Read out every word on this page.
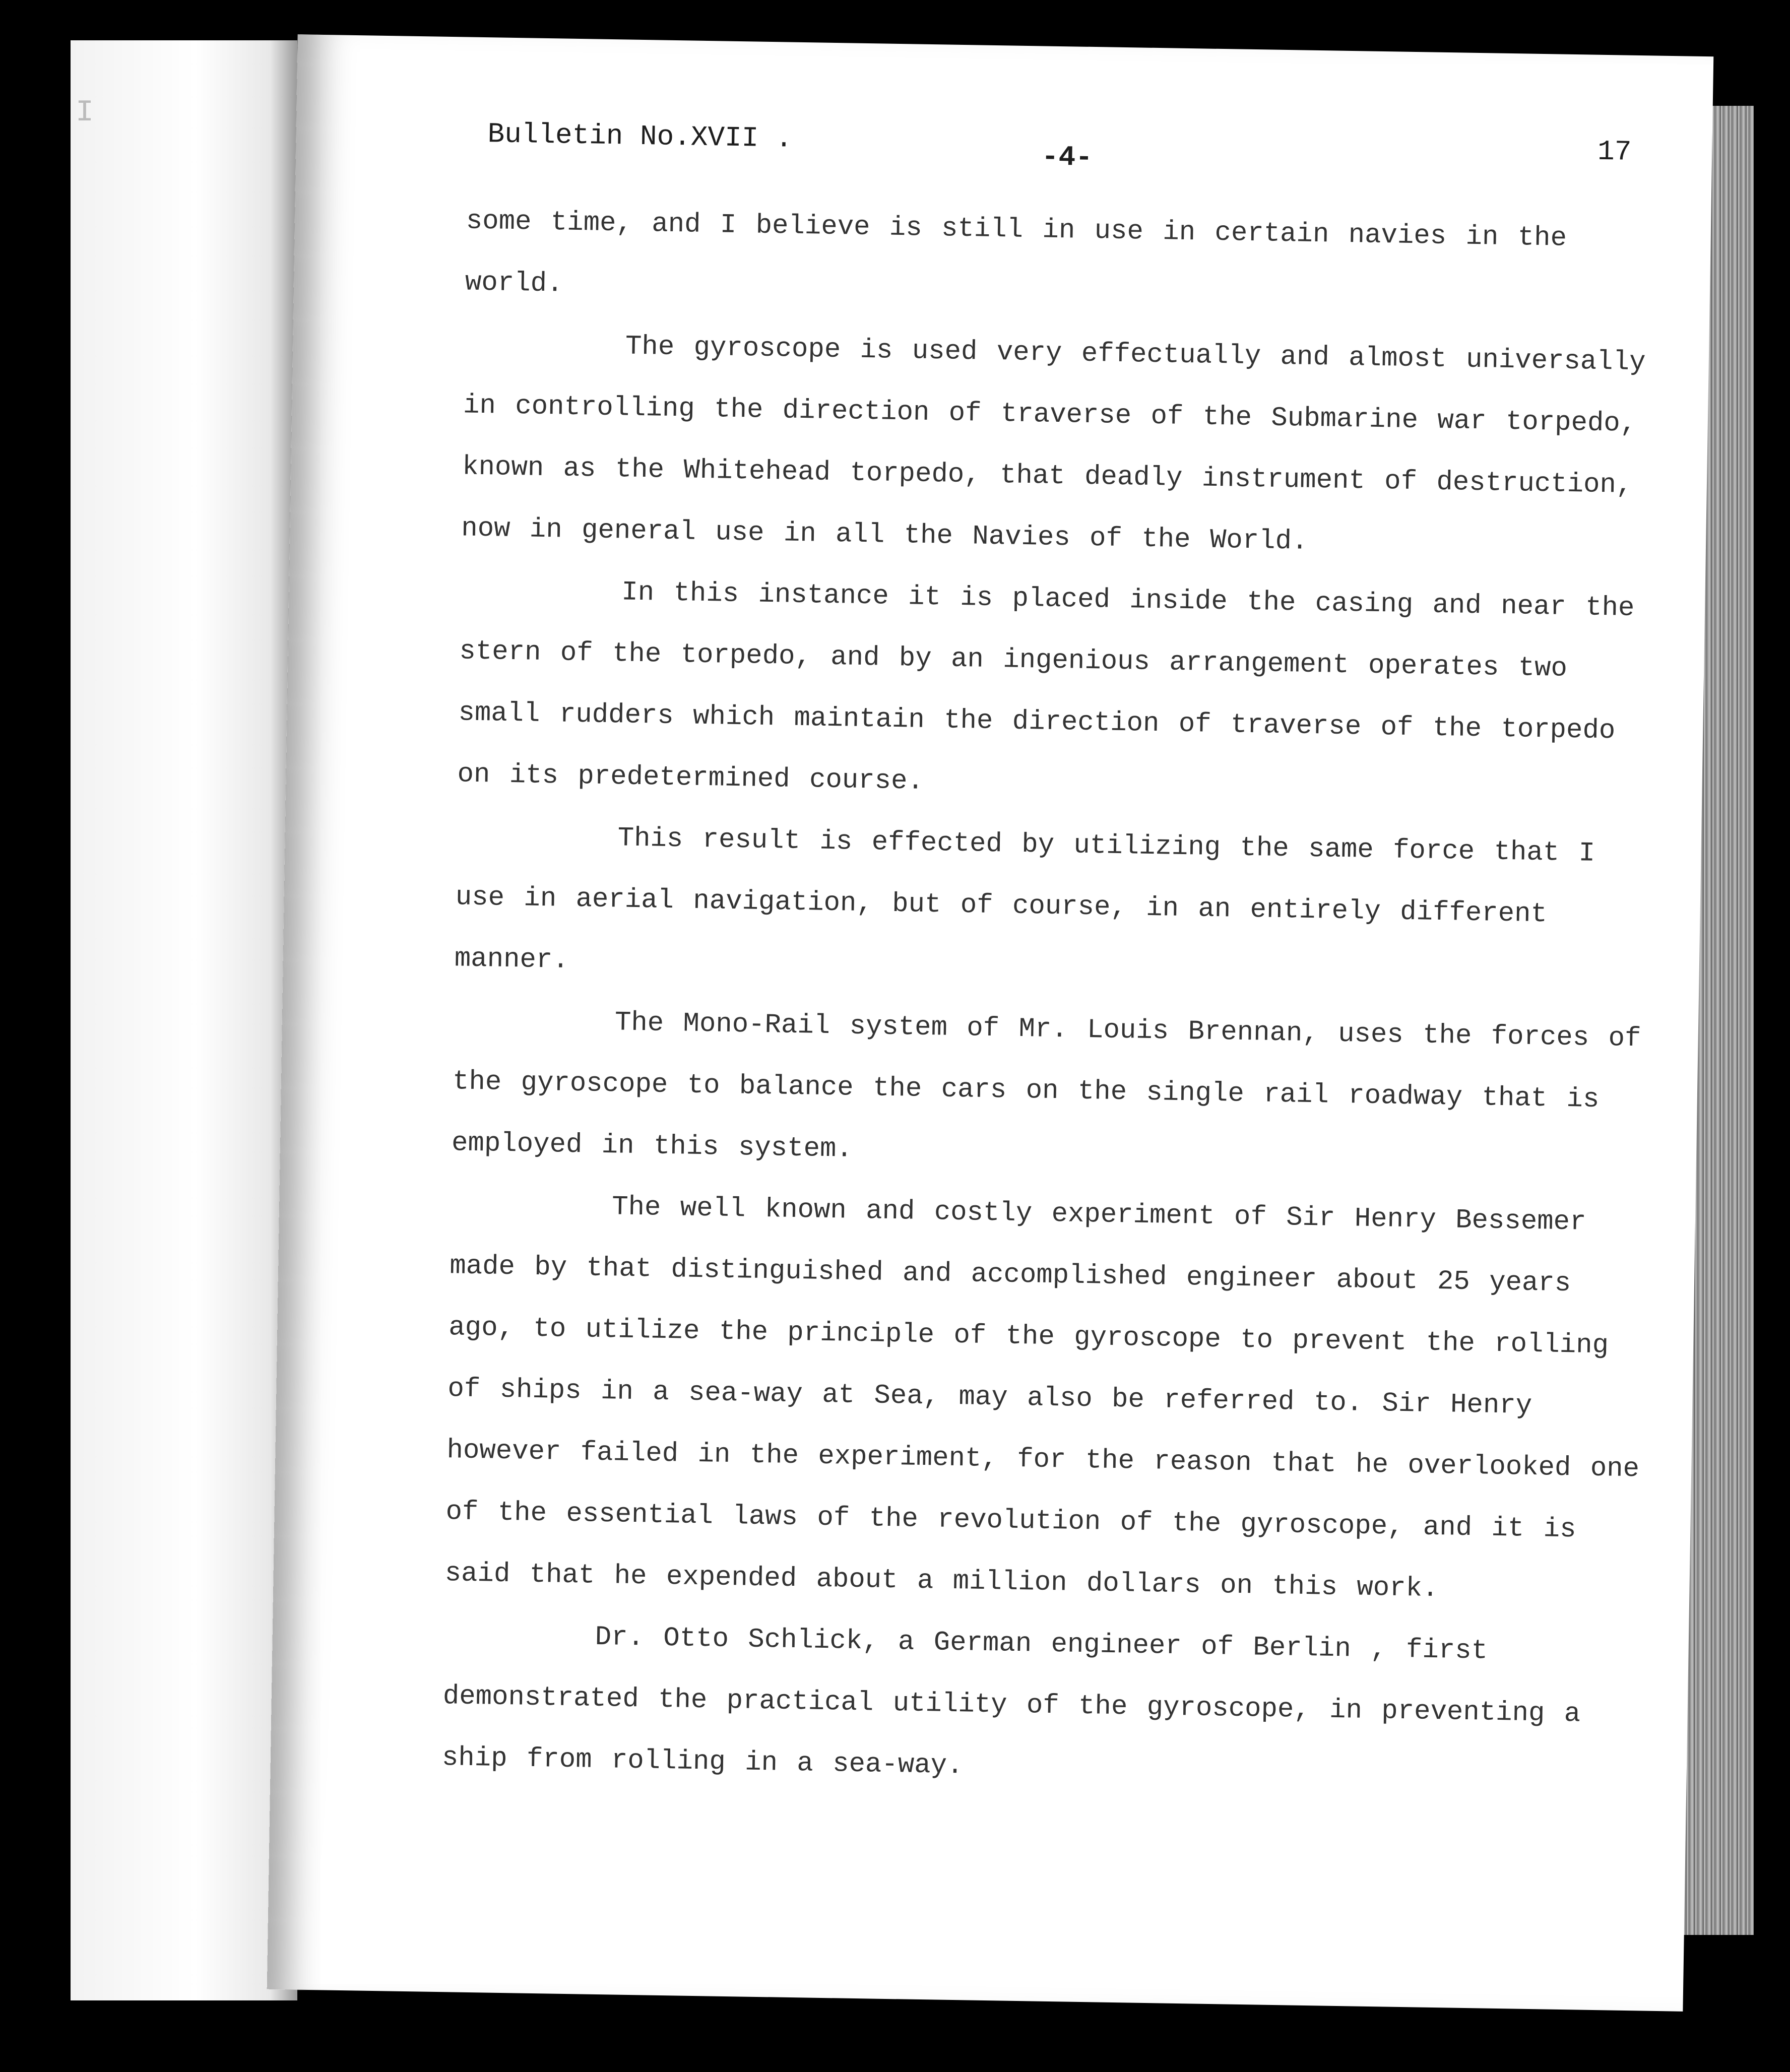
I
Bulletin No.XVII .
-4-	17

some time, and I believe is still in use in certain navies in the world.

The gyroscope is used very effectually and almost universally in controlling the direction of traverse of the Submarine war torpedo, known as the Whitehead torpedo, that deadly instrument of destruction, now in general use in all the Navies of the World.

In this instance it is placed inside the casing and near the stern of the torpedo, and by an ingenious arrangement operates two small rudders which maintain the direction of traverse of the torpedo on its predetermined course.

This result is effected by utilizing the same force that I use in aerial navigation, but of course, in an entirely different manner.

The Mono-Rail system of Mr. Louis Brennan, uses the forces of the gyroscope to balance the cars on the single rail roadway that is employed in this system.

The well known and costly experiment of Sir Henry Bessemer made by that distinguished and accomplished engineer about 25 years ago, to utilize the principle of the gyroscope to prevent the rolling of ships in a sea-way at Sea, may also be referred to. Sir Henry however failed in the experiment, for the reason that he overlooked one of the essential laws of the revolution of the gyroscope, and it is said that he expended about a million dollars on this work.

Dr. Otto Schlick, a German engineer of Berlin , first demonstrated the practical utility of the gyroscope, in preventing a ship from rolling in a sea-way.
